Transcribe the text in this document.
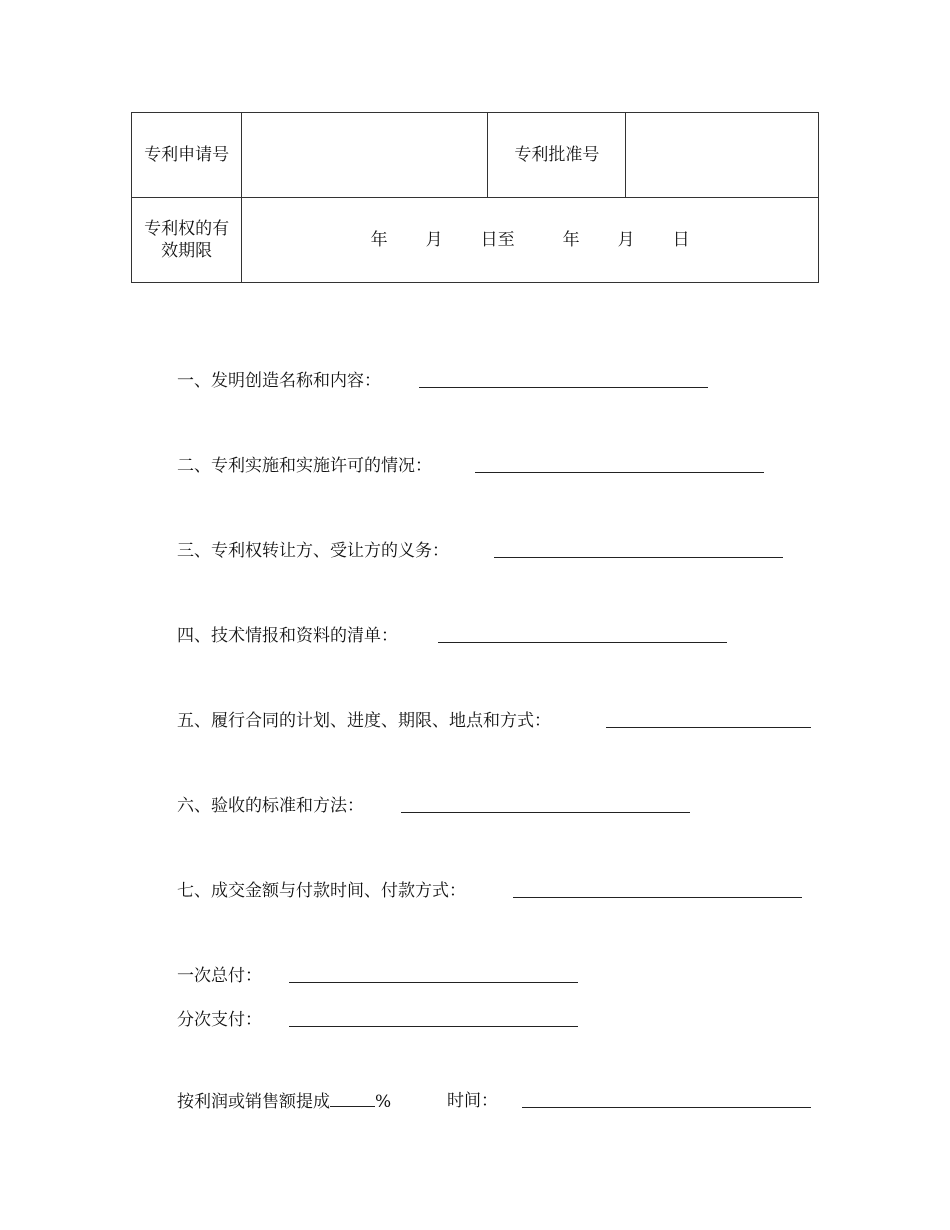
专利申请号		专利批准号	

专利权的有
效期限	年 月 日至 年 月 日		
一、发明创造名称和内容：
二、专利实施和实施许可的情况：
三、专利权转让方、受让方的义务：
四、技术情报和资料的清单：
五、履行合同的计划、进度、期限、地点和方式：
六、验收的标准和方法：
七、成交金额与付款时间、付款方式：
一次总付：
分次支付：
按利润或销售额提成	%	时间：
